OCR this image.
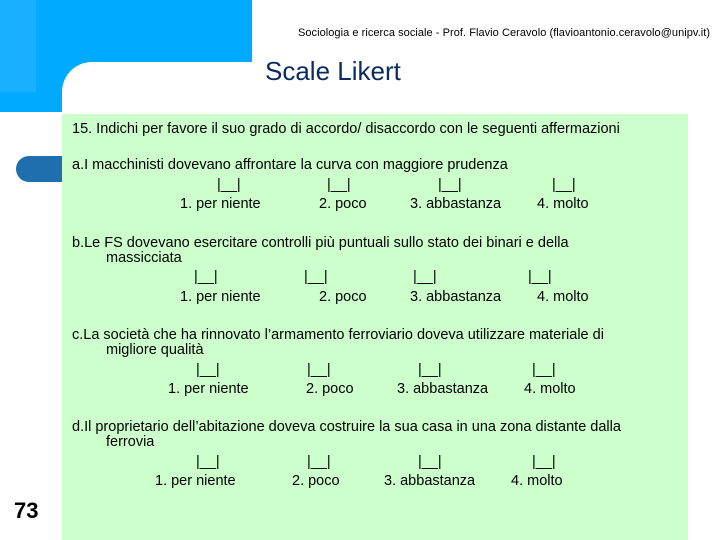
Sociologia e ricerca sociale - Prof. Flavio Ceravolo (flavioantonio.ceravolo@unipv.it)
Scale Likert
15. Indichi per favore il suo grado di accordo/ disaccordo con le seguenti affermazioni
a.I macchinisti dovevano affrontare la curva con maggiore prudenza
|__|	|__|	|__|	|__|
1. per niente	2. poco	3. abbastanza 4. molto
b.Le FS dovevano esercitare controlli più puntuali sullo stato dei binari e della
massicciata
|__|	|__|	|__|	|__|
1. per niente	2. poco	3. abbastanza 4. molto
c.La società che ha rinnovato l’armamento ferroviario doveva utilizzare materiale di
migliore qualità
|__|	|__|	|__|	|__|
1. per niente	2. poco	3. abbastanza 4. molto
d.Il proprietario dell’abitazione doveva costruire la sua casa in una zona distante dalla
ferrovia
|__|	|__|	|__|	|__|
1. per niente	2. poco	3. abbastanza 4. molto
73
